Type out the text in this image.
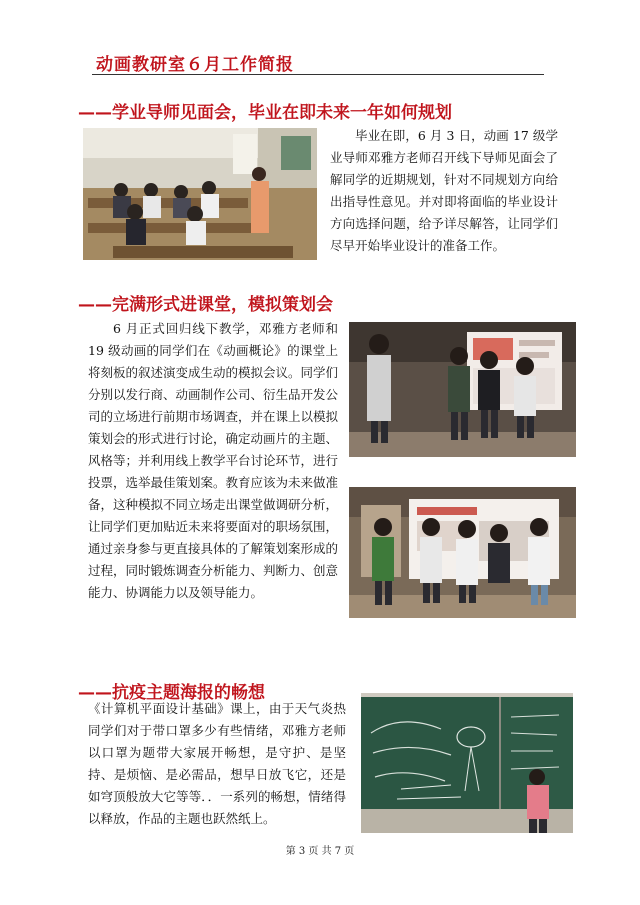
动画教研室６月工作简报
——学业导师见面会，毕业在即未来一年如何规划
毕业在即，6 月 3 日，动画 17 级学业导师邓雅方老师召开线下导师见面会了解同学的近期规划，针对不同规划方向给出指导性意见。并对即将面临的毕业设计方向选择问题，给予详尽解答，让同学们尽早开始毕业设计的准备工作。
——完满形式进课堂，模拟策划会
6 月正式回归线下教学，邓雅方老师和 19 级动画的同学们在《动画概论》的课堂上将刻板的叙述演变成生动的模拟会议。同学们分别以发行商、动画制作公司、衍生品开发公司的立场进行前期市场调查，并在课上以模拟策划会的形式进行讨论，确定动画片的主题、风格等；并利用线上教学平台讨论环节，进行投票，选举最佳策划案。教育应该为未来做准备，这种模拟不同立场走出课堂做调研分析，让同学们更加贴近未来将要面对的职场氛围，通过亲身参与更直接具体的了解策划案形成的过程，同时锻炼调查分析能力、判断力、创意能力、协调能力以及领导能力。
——抗疫主题海报的畅想
《计算机平面设计基础》课上，由于天气炎热同学们对于带口罩多少有些情绪，邓雅方老师以口罩为题带大家展开畅想，是守护、是坚持、是烦恼、是必需品，想早日放飞它，还是如穹顶般放大它等等．．一系列的畅想，情绪得以释放，作品的主题也跃然纸上。
第 3 页 共 7 页
